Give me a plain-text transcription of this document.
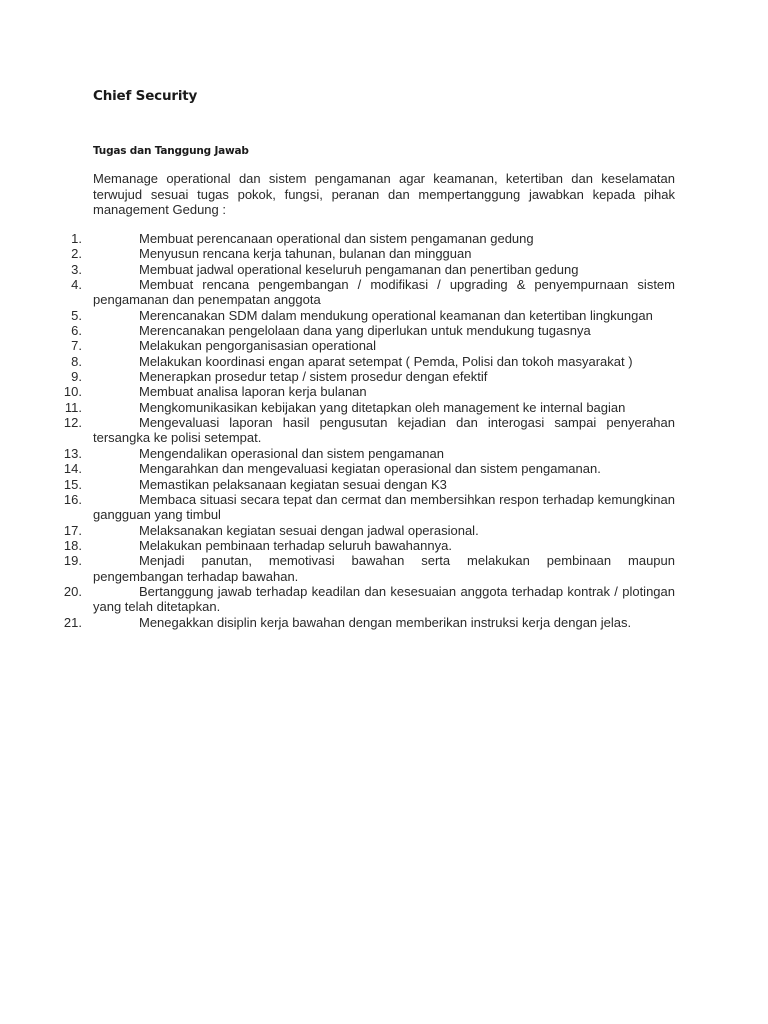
Chief Security
Tugas dan Tanggung Jawab
Memanage operational dan sistem pengamanan agar keamanan, ketertiban dan keselamatan terwujud sesuai tugas pokok, fungsi, peranan dan mempertanggung jawabkan kepada pihak management Gedung :
1.	Membuat perencanaan operational dan sistem pengamanan gedung
2.	Menyusun rencana kerja tahunan, bulanan dan mingguan
3.	Membuat jadwal operational keseluruh pengamanan dan penertiban gedung
4.	Membuat rencana pengembangan / modifikasi / upgrading & penyempurnaan sistem pengamanan dan penempatan anggota
5.	Merencanakan SDM dalam mendukung operational keamanan dan ketertiban lingkungan
6.	Merencanakan pengelolaan dana yang diperlukan untuk mendukung tugasnya
7.	Melakukan pengorganisasian operational
8.	Melakukan koordinasi engan aparat setempat ( Pemda, Polisi dan tokoh masyarakat )
9.	Menerapkan prosedur tetap / sistem prosedur dengan efektif
10.	Membuat analisa laporan kerja bulanan
11.	Mengkomunikasikan kebijakan yang ditetapkan oleh management ke internal bagian
12.	Mengevaluasi laporan hasil pengusutan kejadian dan interogasi sampai penyerahan tersangka ke polisi setempat.
13.	Mengendalikan operasional dan sistem pengamanan
14.	Mengarahkan dan mengevaluasi kegiatan operasional dan sistem pengamanan.
15.	Memastikan pelaksanaan kegiatan sesuai dengan K3
16.	Membaca situasi secara tepat dan cermat dan membersihkan respon terhadap kemungkinan gangguan yang timbul
17.	Melaksanakan kegiatan sesuai dengan jadwal operasional.
18.	Melakukan pembinaan terhadap seluruh bawahannya.
19.	Menjadi panutan, memotivasi bawahan serta melakukan pembinaan maupun pengembangan terhadap bawahan.
20.	Bertanggung jawab terhadap keadilan dan kesesuaian anggota terhadap kontrak / plotingan yang telah ditetapkan.
21.	Menegakkan disiplin kerja bawahan dengan memberikan instruksi kerja dengan jelas.
